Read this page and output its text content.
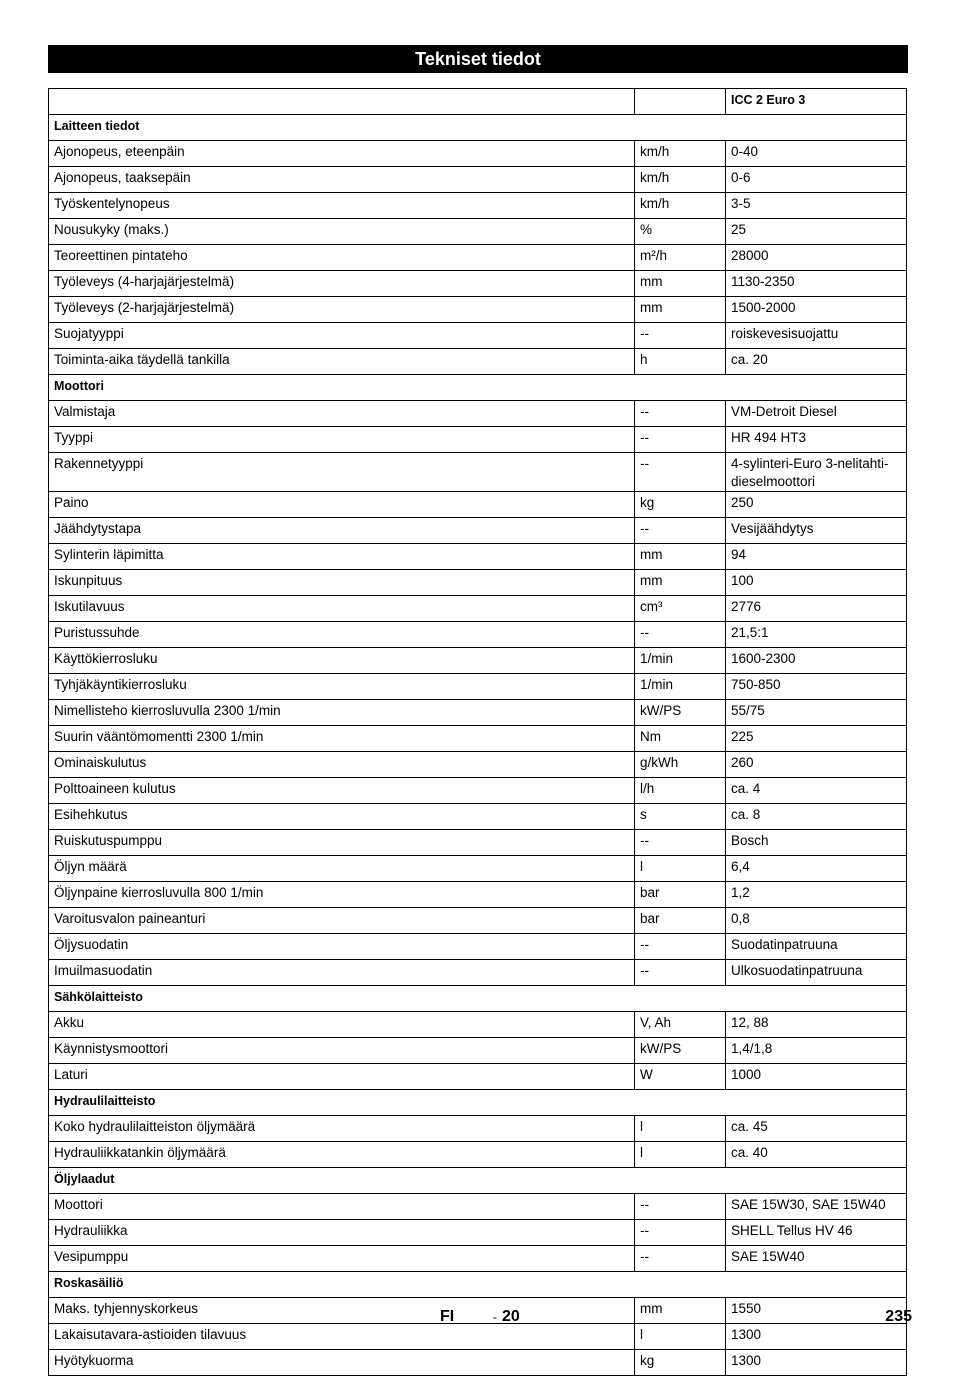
Tekniset tiedot
		ICC 2 Euro 3
Laitteen tiedot		
Ajonopeus, eteenpäin	km/h	0-40
Ajonopeus, taaksepäin	km/h	0-6
Työskentelynopeus	km/h	3-5
Nousukyky (maks.)	%	25
Teoreettinen pintateho	m²/h	28000
Työleveys (4-harjajärjestelmä)	mm	1130-2350
Työleveys (2-harjajärjestelmä)	mm	1500-2000
Suojatyyppi	--	roiskevesisuojattu
Toiminta-aika täydellä tankilla	h	ca. 20
Moottori		
Valmistaja	--	VM-Detroit Diesel
Tyyppi	--	HR 494 HT3
Rakennetyyppi	--	4-sylinteri-Euro 3-nelitahti-dieselmoottori
Paino	kg	250
Jäähdytystapa	--	Vesijäähdytys
Sylinterin läpimitta	mm	94
Iskunpituus	mm	100
Iskutilavuus	cm³	2776
Puristussuhde	--	21,5:1
Käyttökierrosluku	1/min	1600-2300
Tyhjäkäyntikierrosluku	1/min	750-850
Nimellisteho kierrosluvulla 2300 1/min	kW/PS	55/75
Suurin vääntömomentti 2300 1/min	Nm	225
Ominaiskulutus	g/kWh	260
Polttoaineen kulutus	l/h	ca. 4
Esihehkutus	s	ca. 8
Ruiskutuspumppu	--	Bosch
Öljyn määrä	l	6,4
Öljynpaine kierrosluvulla 800 1/min	bar	1,2
Varoitusvalon paineanturi	bar	0,8
Öljysuodatin	--	Suodatinpatruuna
Imuilmasuodatin	--	Ulkosuodatinpatruuna
Sähkölaitteisto		
Akku	V, Ah	12, 88
Käynnistysmoottori	kW/PS	1,4/1,8
Laturi	W	1000
Hydraulilaitteisto		
Koko hydraulilaitteiston öljymäärä	l	ca. 45
Hydrauliikkatankin öljymäärä	l	ca. 40
Öljylaadut		
Moottori	--	SAE 15W30, SAE 15W40
Hydrauliikka	--	SHELL Tellus HV 46
Vesipumppu	--	SAE 15W40
Roskasäiliö		
Maks. tyhjennyskorkeus	mm	1550
Lakaisutavara-astioiden tilavuus	l	1300
Hyötykuorma	kg	1300
FI	- 20	235
